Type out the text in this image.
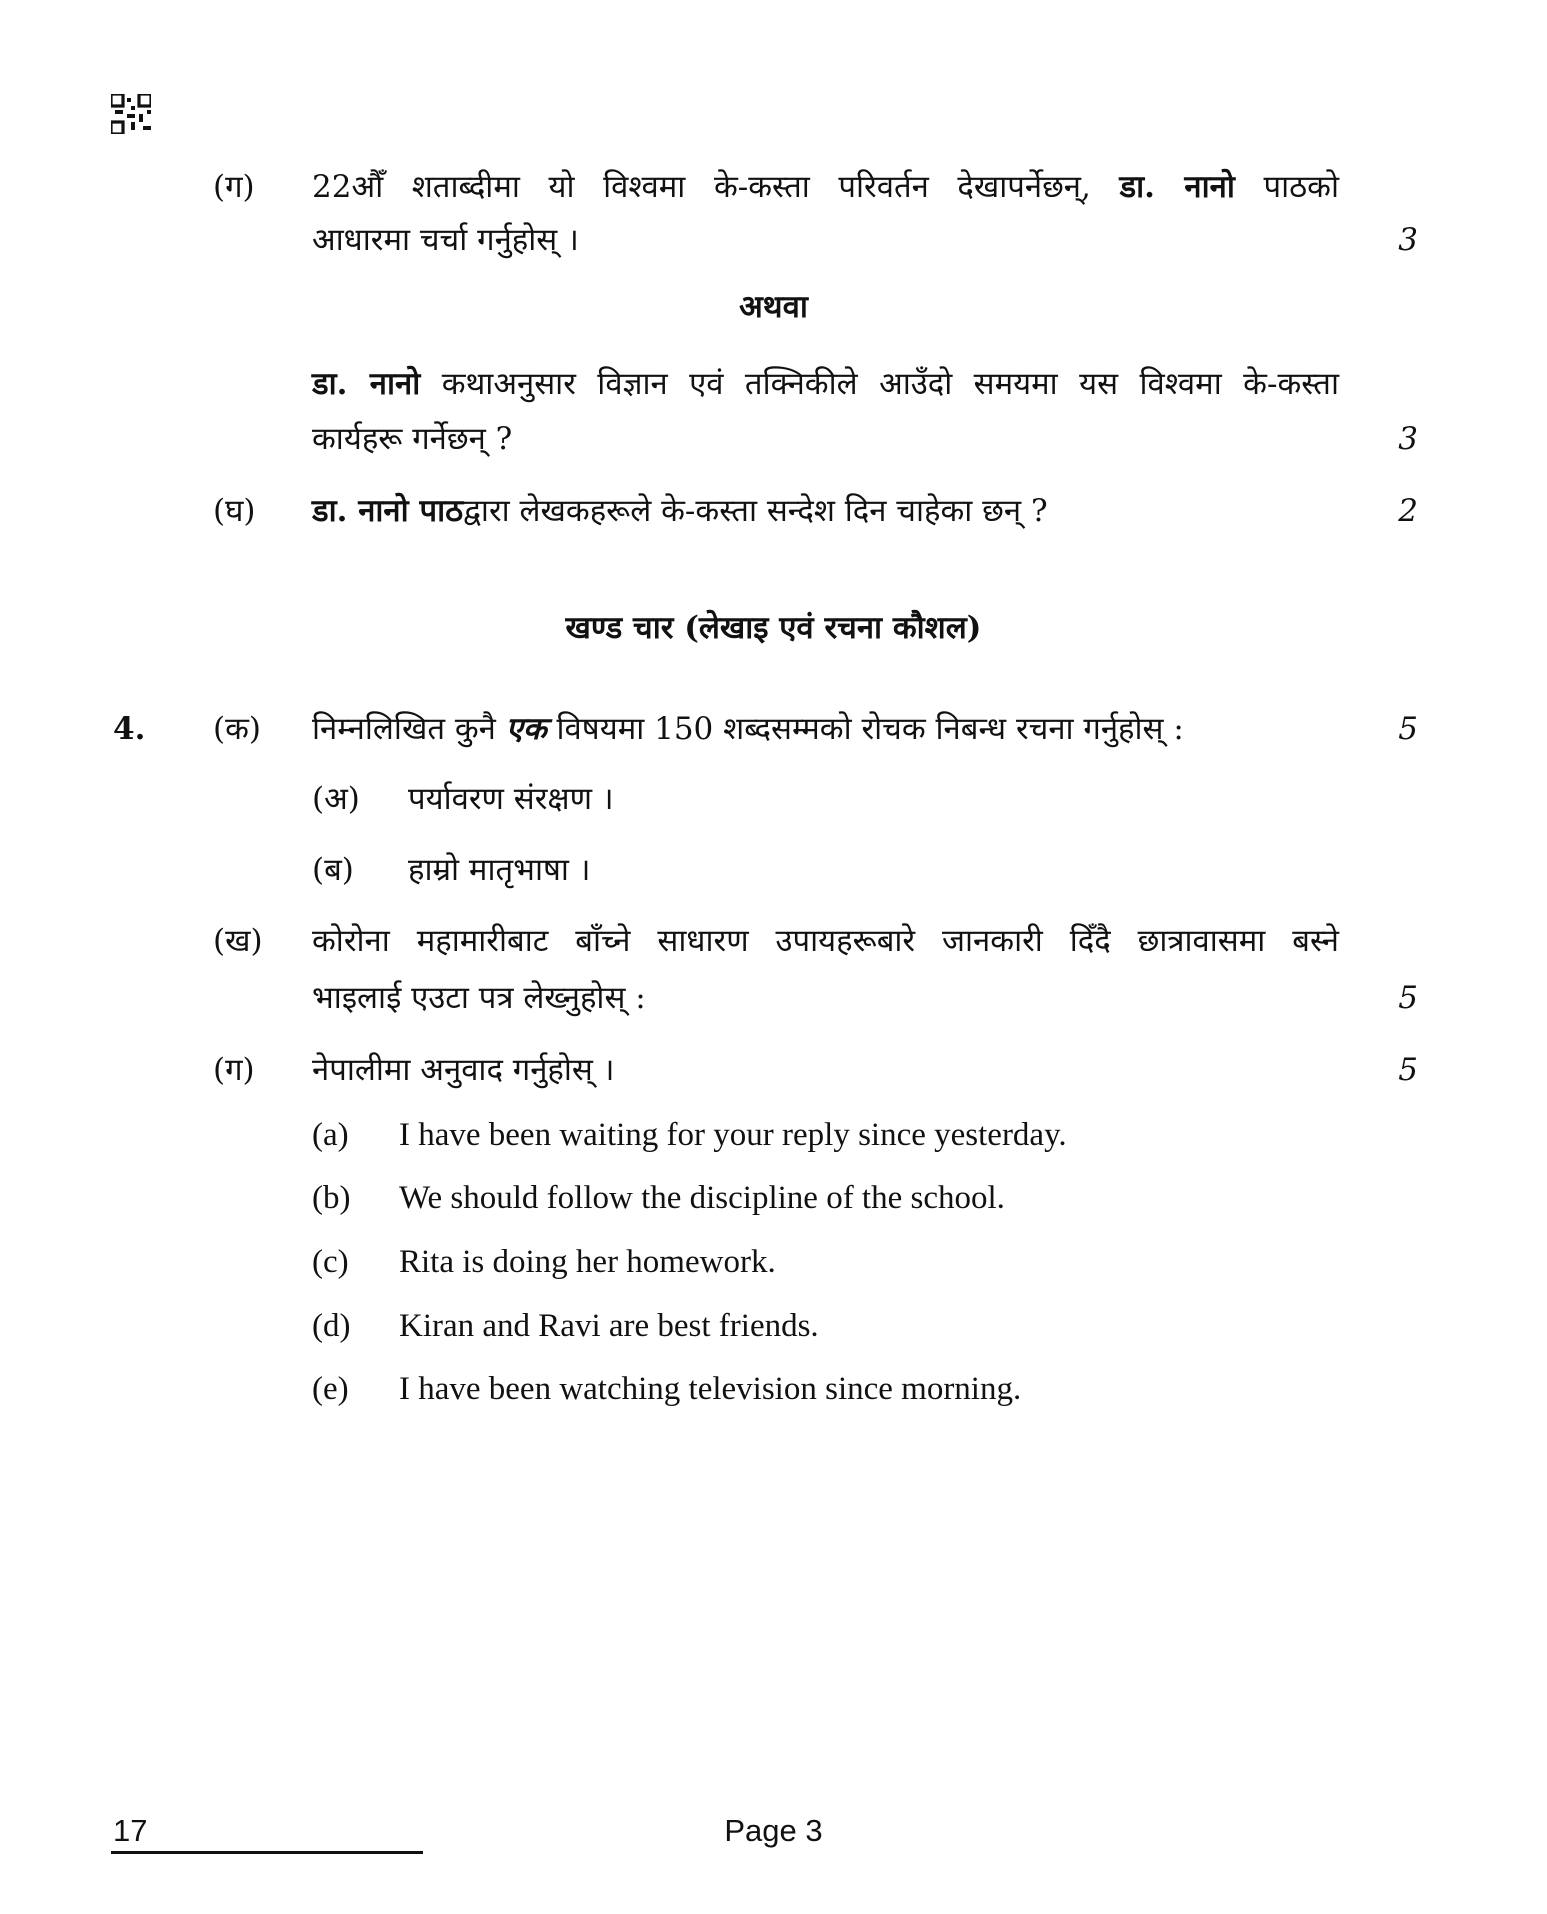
(ग) 22औँ शताब्दीमा यो विश्वमा के-कस्ता परिवर्तन देखापर्नेछन्, डा. नानो पाठको
आधारमा चर्चा गर्नुहोस् ।	3
अथवा
डा. नानो कथाअनुसार विज्ञान एवं तक्निकीले आउँदो समयमा यस विश्वमा के-कस्ता
कार्यहरू गर्नेछन् ?	3
(घ) डा. नानो पाठद्वारा लेखकहरूले के-कस्ता सन्देश दिन चाहेका छन् ?	2
खण्ड चार (लेखाइ एवं रचना कौशल)
4. (क) निम्नलिखित कुनै एक विषयमा 150 शब्दसम्मको रोचक निबन्ध रचना गर्नुहोस् :	5
(अ) पर्यावरण संरक्षण ।
(ब) हाम्रो मातृभाषा ।
(ख) कोरोना महामारीबाट बाँच्ने साधारण उपायहरूबारे जानकारी दिँदै छात्रावासमा बस्ने
भाइलाई एउटा पत्र लेख्नुहोस् :	5
(ग) नेपालीमा अनुवाद गर्नुहोस् ।	5
(a) I have been waiting for your reply since yesterday.
(b) We should follow the discipline of the school.
(c) Rita is doing her homework.
(d) Kiran and Ravi are best friends.
(e) I have been watching television since morning.
17	Page 3
